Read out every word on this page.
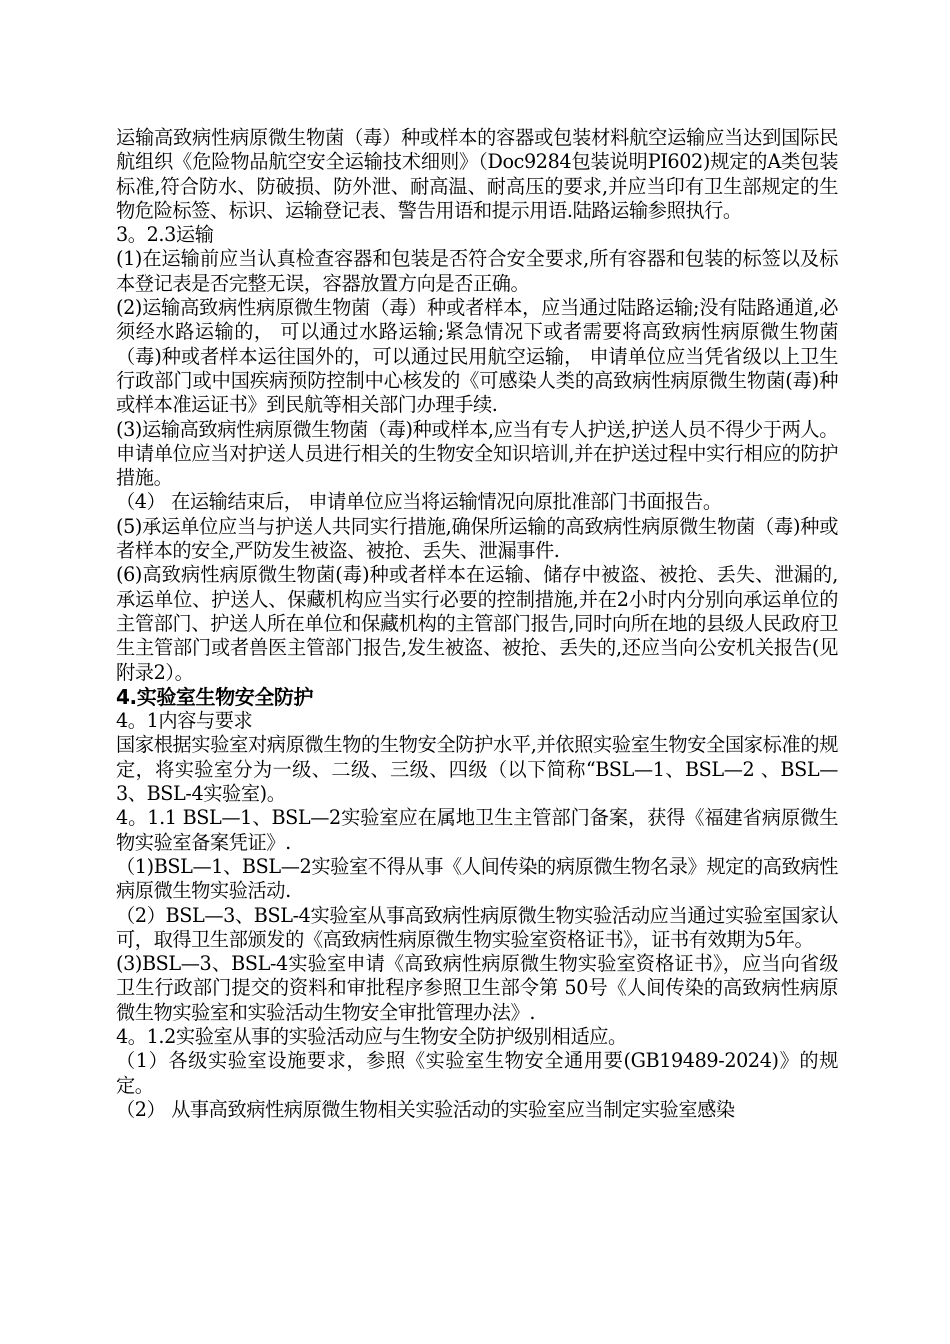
运输高致病性病原微生物菌（毒）种或样本的容器或包装材料航空运输应当达到国际民航组织《危险物品航空安全运输技术细则》（Doc9284包装说明PI602)规定的A类包装标准,符合防水、防破损、防外泄、耐高温、耐高压的要求,并应当印有卫生部规定的生物危险标签、标识、运输登记表、警告用语和提示用语.陆路运输参照执行。

3。2.3运输

(1)在运输前应当认真检查容器和包装是否符合安全要求,所有容器和包装的标签以及标本登记表是否完整无误，容器放置方向是否正确。

(2)运输高致病性病原微生物菌（毒）种或者样本，应当通过陆路运输;没有陆路通道,必须经水路运输的， 可以通过水路运输;紧急情况下或者需要将高致病性病原微生物菌（毒)种或者样本运往国外的，可以通过民用航空运输， 申请单位应当凭省级以上卫生行政部门或中国疾病预防控制中心核发的《可感染人类的高致病性病原微生物菌(毒)种或样本准运证书》到民航等相关部门办理手续.

(3)运输高致病性病原微生物菌（毒)种或样本,应当有专人护送,护送人员不得少于两人。申请单位应当对护送人员进行相关的生物安全知识培训,并在护送过程中实行相应的防护措施。

（4） 在运输结束后， 申请单位应当将运输情况向原批准部门书面报告。

(5)承运单位应当与护送人共同实行措施,确保所运输的高致病性病原微生物菌（毒)种或者样本的安全,严防发生被盗、被抢、丢失、泄漏事件.

(6)高致病性病原微生物菌(毒)种或者样本在运输、储存中被盗、被抢、丢失、泄漏的,承运单位、护送人、保藏机构应当实行必要的控制措施,并在2小时内分别向承运单位的主管部门、护送人所在单位和保藏机构的主管部门报告,同时向所在地的县级人民政府卫生主管部门或者兽医主管部门报告,发生被盗、被抢、丢失的,还应当向公安机关报告(见附录2）。

4.实验室生物安全防护

4。1内容与要求

国家根据实验室对病原微生物的生物安全防护水平,并依照实验室生物安全国家标准的规定，将实验室分为一级、二级、三级、四级（以下简称“BSL—1、BSL—2 、BSL—3、BSL-4实验室)。

4。1.1 BSL—1、BSL—2实验室应在属地卫生主管部门备案，获得《福建省病原微生物实验室备案凭证》.

（1)BSL—1、BSL—2实验室不得从事《人间传染的病原微生物名录》规定的高致病性病原微生物实验活动.

（2）BSL—3、BSL-4实验室从事高致病性病原微生物实验活动应当通过实验室国家认可，取得卫生部颁发的《高致病性病原微生物实验室资格证书》，证书有效期为5年。

(3)BSL—3、BSL-4实验室申请《高致病性病原微生物实验室资格证书》，应当向省级卫生行政部门提交的资料和审批程序参照卫生部令第 50号《人间传染的高致病性病原微生物实验室和实验活动生物安全审批管理办法》.

4。1.2实验室从事的实验活动应与生物安全防护级别相适应。

（1）各级实验室设施要求，参照《实验室生物安全通用要(GB19489-2024)》的规定。

（2） 从事高致病性病原微生物相关实验活动的实验室应当制定实验室感染
